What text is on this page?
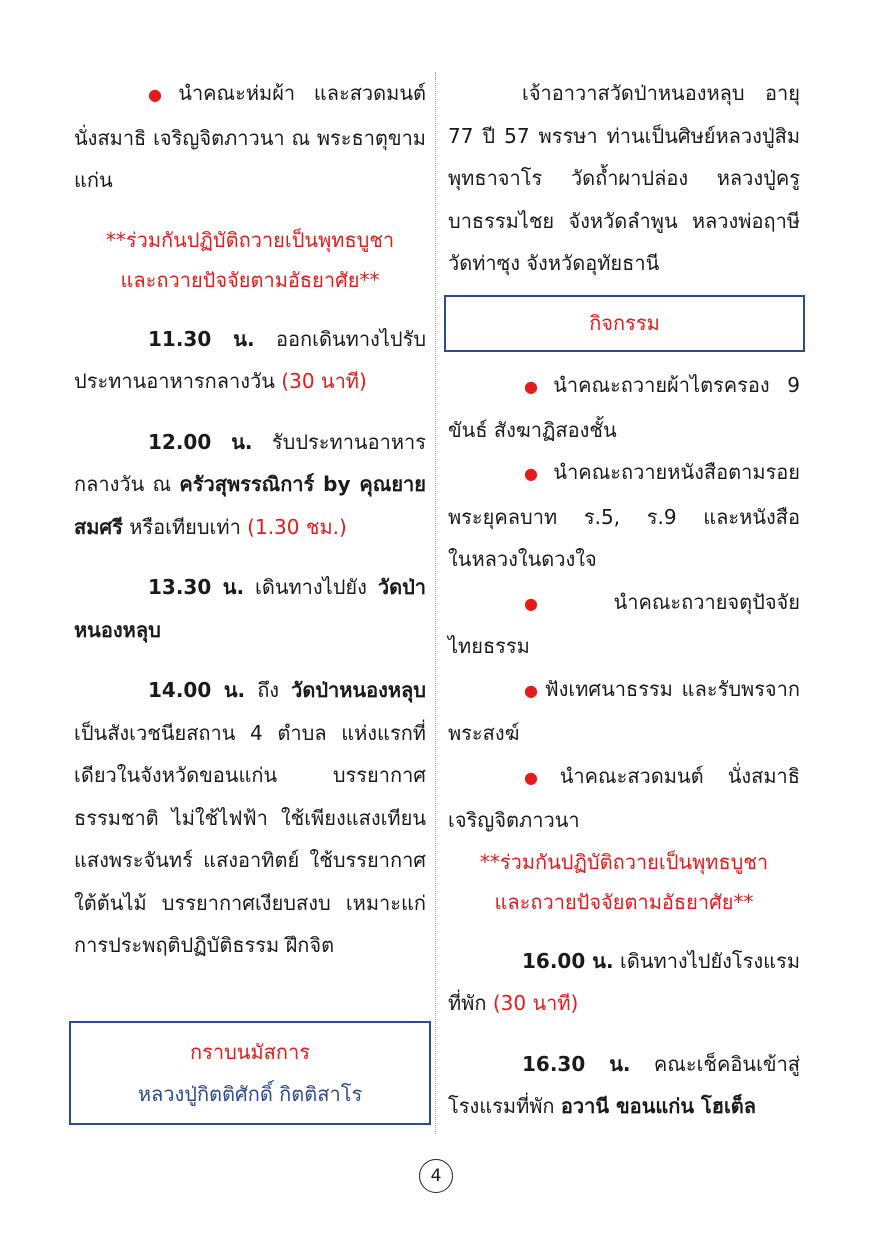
● นำคณะห่มผ้า และสวดมนต์ นั่งสมาธิ เจริญจิตภาวนา ณ พระธาตุขามแก่น

**ร่วมกันปฏิบัติถวายเป็นพุทธบูชา
และถวายปัจจัยตามอัธยาศัย**

11.30 น. ออกเดินทางไปรับประทานอาหารกลางวัน (30 นาที)

12.00 น. รับประทานอาหารกลางวัน ณ ครัวสุพรรณิการ์ by คุณยายสมศรี หรือเทียบเท่า (1.30 ชม.)

13.30 น. เดินทางไปยัง วัดป่าหนองหลุบ

14.00 น. ถึง วัดป่าหนองหลุบ เป็นสังเวชนียสถาน 4 ตำบล แห่งแรกที่เดียวในจังหวัดขอนแก่น บรรยากาศธรรมชาติ ไม่ใช้ไฟฟ้า ใช้เพียงแสงเทียน แสงพระจันทร์ แสงอาทิตย์ ใช้บรรยากาศใต้ต้นไม้ บรรยากาศเงียบสงบ เหมาะแก่การประพฤติปฏิบัติธรรม ฝึกจิต

กราบนมัสการ
หลวงปู่กิตติศักดิ์ กิตติสาโร

เจ้าอาวาสวัดป่าหนองหลุบ อายุ 77 ปี 57 พรรษา ท่านเป็นศิษย์หลวงปู่สิม พุทธาจาโร วัดถ้ำผาปล่อง หลวงปู่ครูบาธรรมไชย จังหวัดลำพูน หลวงพ่อฤาษี วัดท่าซุง จังหวัดอุทัยธานี

กิจกรรม

● นำคณะถวายผ้าไตรครอง 9 ขันธ์ สังฆาฏิสองชั้น

● นำคณะถวายหนังสือตามรอยพระยุคลบาท ร.5, ร.9 และหนังสือในหลวงในดวงใจ

● นำคณะถวายจตุปัจจัยไทยธรรม

● ฟังเทศนาธรรม และรับพรจากพระสงฆ์

● นำคณะสวดมนต์ นั่งสมาธิ เจริญจิตภาวนา

**ร่วมกันปฏิบัติถวายเป็นพุทธบูชา
และถวายปัจจัยตามอัธยาศัย**

16.00 น. เดินทางไปยังโรงแรมที่พัก (30 นาที)

16.30 น. คณะเช็คอินเข้าสู่โรงแรมที่พัก อวานี ขอนแก่น โฮเต็ล

4
